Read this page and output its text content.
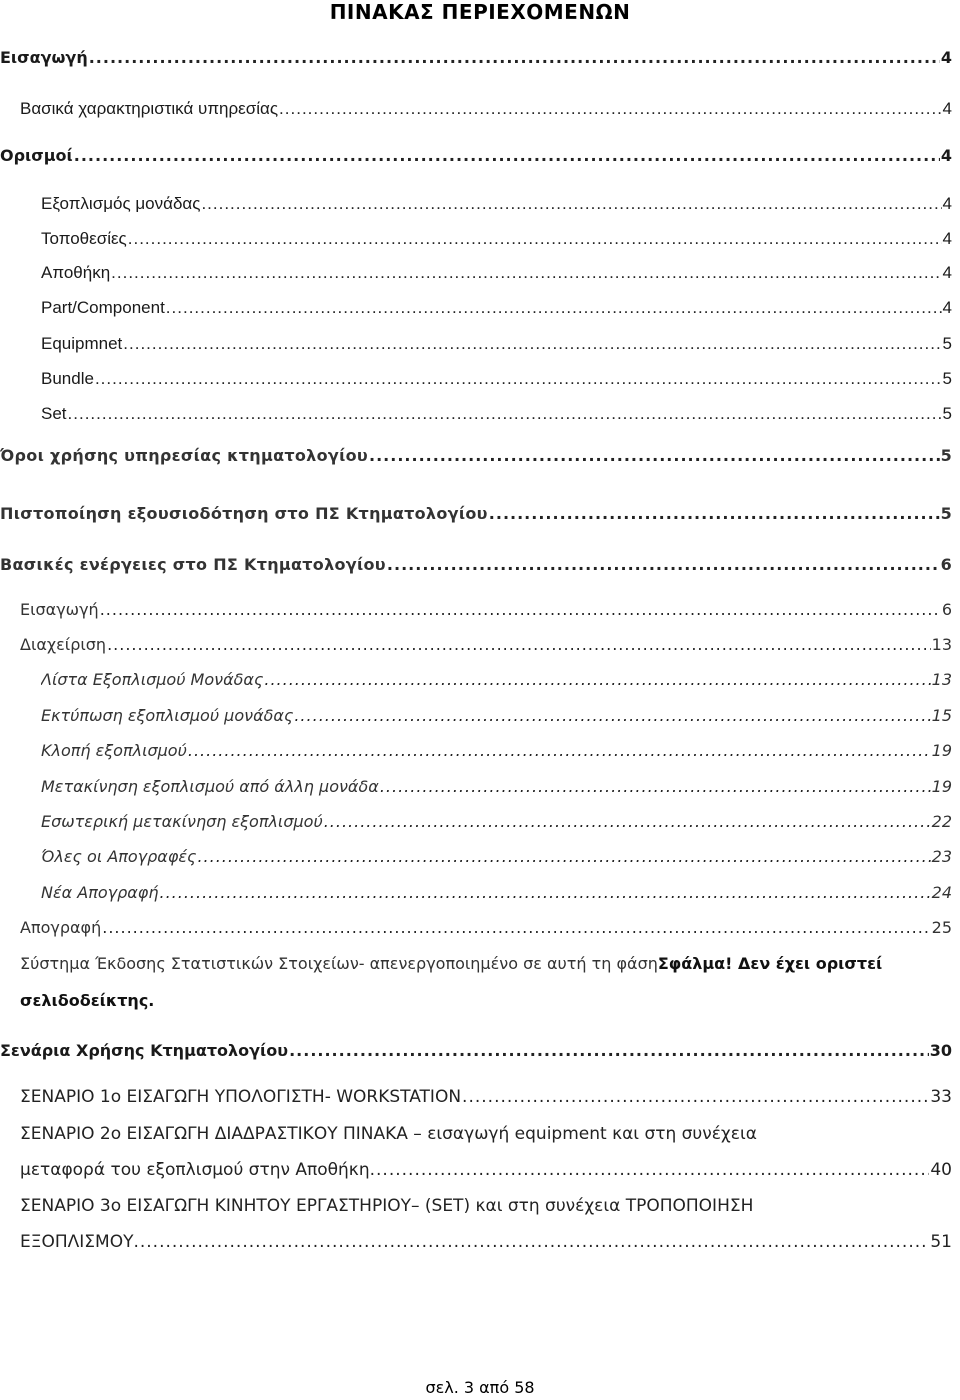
ΠΙΝΑΚΑΣ ΠΕΡΙΕΧΟΜΕΝΩΝ
Εισαγωγή .....	4
Βασικά χαρακτηριστικά υπηρεσίας .....	4
Ορισμοί .....	4
Εξοπλισμός μονάδας .....	4
Τοποθεσίες .....	4
Αποθήκη .....	4
Part/Component .....	4
Equipmnet .....	5
Bundle .....	5
Set .....	5
Όροι χρήσης υπηρεσίας κτηματολογίου .....	5
Πιστοποίηση εξουσιοδότηση στο ΠΣ Κτηματολογίου .....	5
Βασικές ενέργειες στο ΠΣ Κτηματολογίου .....	6
Εισαγωγή .....	6
Διαχείριση .....	13
Λίστα Εξοπλισμού Μονάδας .....	13
Εκτύπωση εξοπλισμού μονάδας .....	15
Κλοπή εξοπλισμού .....	19
Μετακίνηση εξοπλισμού από άλλη μονάδα .....	19
Εσωτερική μετακίνηση εξοπλισμού .....	22
Όλες οι Απογραφές .....	23
Νέα Απογραφή .....	24
Απογραφή .....	25
Σύστημα Έκδοσης Στατιστικών Στοιχείων- απενεργοποιημένο σε αυτή τη φάσηΣφάλμα! Δεν έχει οριστεί
σελιδοδείκτης.
Σενάρια Χρήσης Κτηματολογίου .....	30
ΣΕΝΑΡΙΟ 1ο ΕΙΣΑΓΩΓΗ ΥΠΟΛΟΓΙΣΤΗ- WORKSTATION .....	33
ΣΕΝΑΡΙΟ 2ο ΕΙΣΑΓΩΓΗ ΔΙΑΔΡΑΣΤΙΚΟΥ ΠΙΝΑΚΑ – εισαγωγή equipment και στη συνέχεια
μεταφορά του εξοπλισμού στην Αποθήκη. .....	40
ΣΕΝΑΡΙΟ 3ο ΕΙΣΑΓΩΓΗ ΚΙΝΗΤΟΥ ΕΡΓΑΣΤΗΡΙΟΥ– (SET) και στη συνέχεια ΤΡΟΠΟΠΟΙΗΣΗ
ΕΞΟΠΛΙΣΜΟΥ. .....	51
σελ. 3 από 58
